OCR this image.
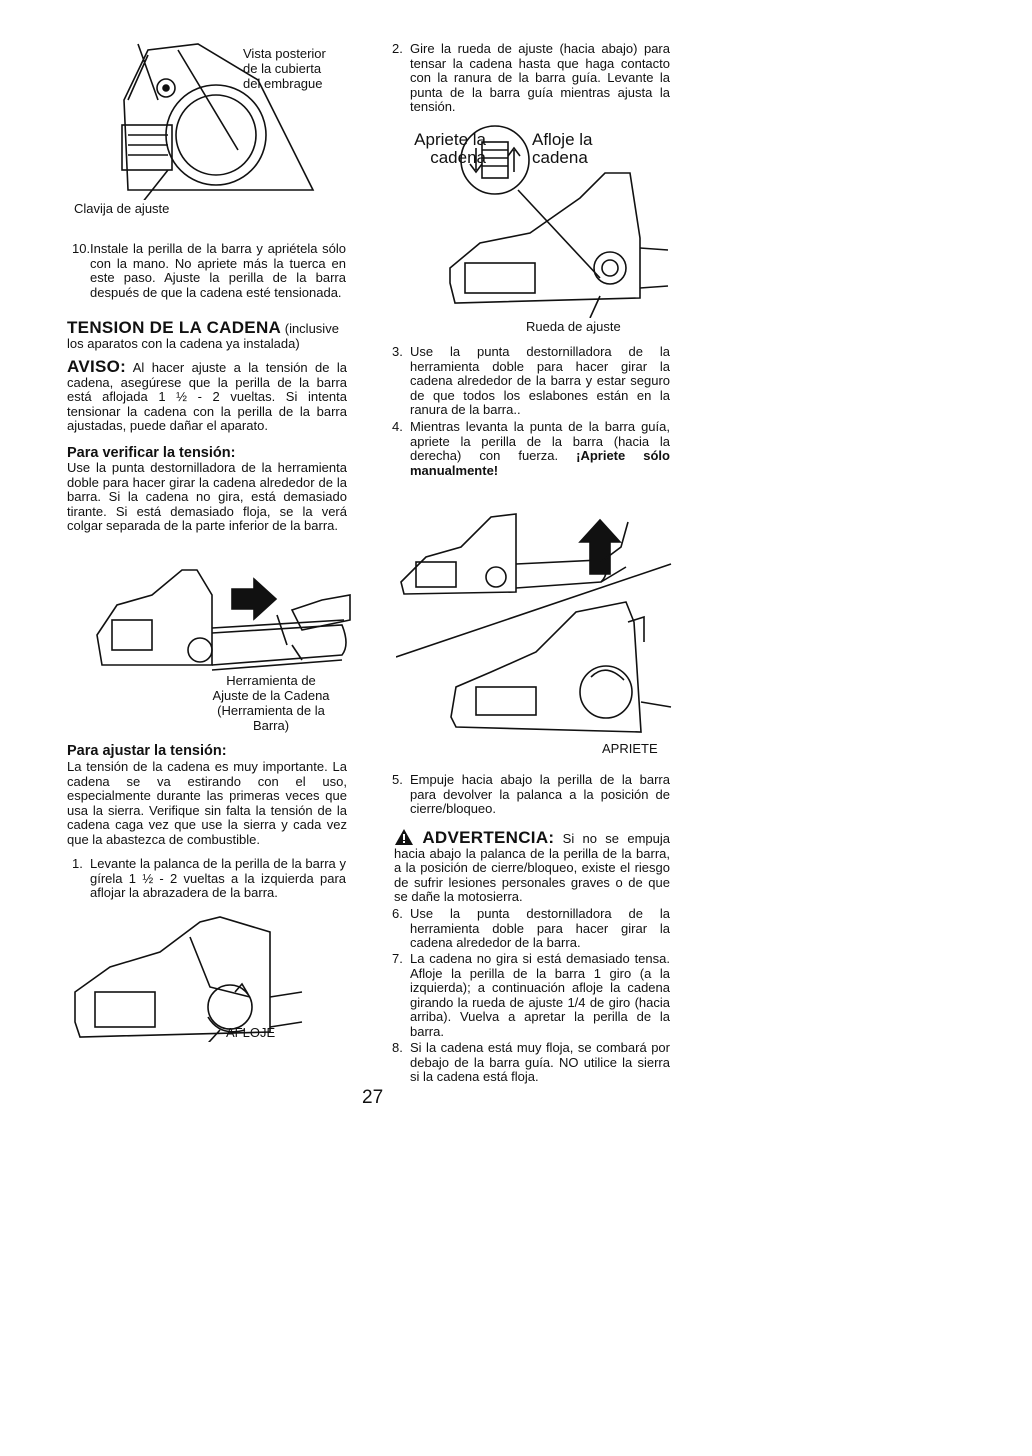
Vista posterior
de la cubierta
del embrague
Clavija de ajuste
10. Instale la perilla de la barra y apriétela sólo con la mano. No apriete más la tuerca en este paso. Ajuste la perilla de la barra después de que la cadena esté tensionada.
TENSION DE LA CADENA (inclusive los aparatos con la cadena ya instalada)
AVISO: Al hacer ajuste a la tensión de la cadena, asegúrese que la perilla de la barra está aflojada 1 ½ - 2 vueltas. Si intenta tensionar la cadena con la perilla de la barra ajustadas, puede dañar el aparato.
Para verificar la tensión:
Use la punta destornilladora de la herramienta doble para hacer girar la cadena alrededor de la barra. Si la cadena no gira, está demasiado tirante. Si está demasiado floja, se la verá colgar separada de la parte inferior de la barra.
Herramienta de
Ajuste de la Cadena
(Herramienta de la
Barra)
Para ajustar la tensión:
La tensión de la cadena es muy importante. La cadena se va estirando con el uso, especialmente durante las primeras veces que usa la sierra. Verifique sin falta la tensión de la cadena caga vez que use la sierra y cada vez que la abastezca de combustible.
1. Levante la palanca de la perilla de la barra y gírela 1 ½ - 2 vueltas a la izquierda para aflojar la abrazadera de la barra.
AFLOJE
2. Gire la rueda de ajuste (hacia abajo) para tensar la cadena hasta que haga contacto con la ranura de la barra guía. Levante la punta de la barra guía mientras ajusta la tensión.
Apriete la
cadena
Afloje la
cadena
Rueda de ajuste
3. Use la punta destornilladora de la herramienta doble para hacer girar la cadena alrededor de la barra y estar seguro de que todos los eslabones están en la ranura de la barra..
4. Mientras levanta la punta de la barra guía, apriete la perilla de la barra (hacia la derecha) con fuerza. ¡Apriete sólo manualmente!
APRIETE
5. Empuje hacia abajo la perilla de la barra para devolver la palanca a la posición de cierre/bloqueo.
ADVERTENCIA: Si no se empuja hacia abajo la palanca de la perilla de la barra, a la posición de cierre/bloqueo, existe el riesgo de sufrir lesiones personales graves o de que se dañe la motosierra.
6. Use la punta destornilladora de la herramienta doble para hacer girar la cadena alrededor de la barra.
7. La cadena no gira si está demasiado tensa. Afloje la perilla de la barra 1 giro (a la izquierda); a continuación afloje la cadena girando la rueda de ajuste 1/4 de giro (hacia arriba). Vuelva a apretar la perilla de la barra.
8. Si la cadena está muy floja, se combará por debajo de la barra guía. NO utilice la sierra si la cadena está floja.
27
